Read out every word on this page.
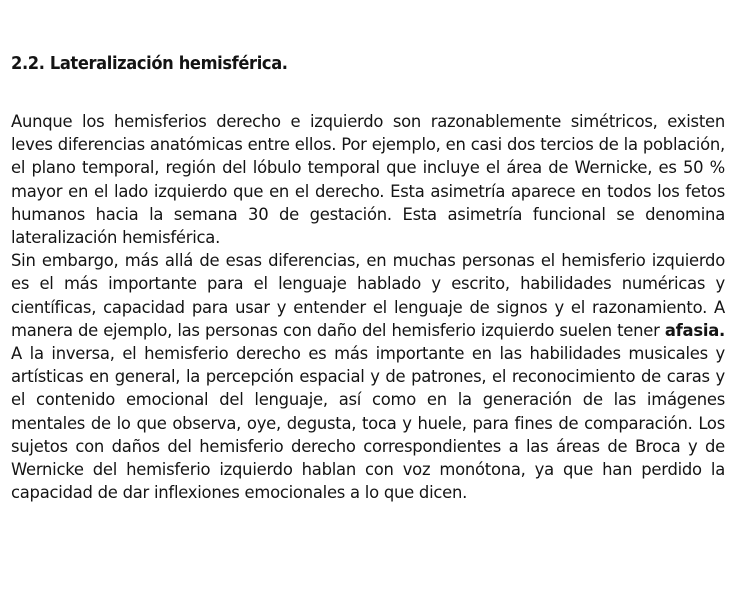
2.2. Lateralización hemisférica.

Aunque los hemisferios derecho e izquierdo son razonablemente simétricos, existen leves diferencias anatómicas entre ellos. Por ejemplo, en casi dos tercios de la población, el plano temporal, región del lóbulo temporal que incluye el área de Wernicke, es 50 % mayor en el lado izquierdo que en el derecho. Esta asimetría aparece en todos los fetos humanos hacia la semana 30 de gestación. Esta asimetría funcional se denomina lateralización hemisférica.

Sin embargo, más allá de esas diferencias, en muchas personas el hemisferio izquierdo es el más importante para el lenguaje hablado y escrito, habilidades numéricas y científicas, capacidad para usar y entender el lenguaje de signos y el razonamiento. A manera de ejemplo, las personas con daño del hemisferio izquierdo suelen tener afasia. A la inversa, el hemisferio derecho es más importante en las habilidades musicales y artísticas en general, la percepción espacial y de patrones, el reconocimiento de caras y el contenido emocional del lenguaje, así como en la generación de las imágenes mentales de lo que observa, oye, degusta, toca y huele, para fines de comparación. Los sujetos con daños del hemisferio derecho correspondientes a las áreas de Broca y de Wernicke del hemisferio izquierdo hablan con voz monótona, ya que han perdido la capacidad de dar inflexiones emocionales a lo que dicen.
